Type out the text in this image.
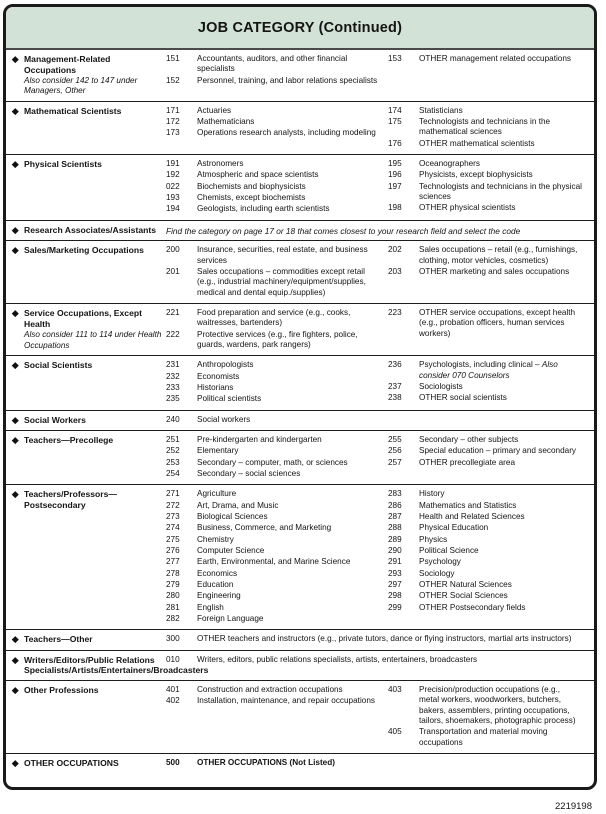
JOB CATEGORY (Continued)
Management-Related Occupations
Also consider 142 to 147 under Managers, Other
151	Accountants, auditors, and other financial specialists
152	Personnel, training, and labor relations specialists
153	OTHER management related occupations
Mathematical Scientists	171	Actuaries
172	Mathematicians
173	Operations research analysts, including modeling
174	Statisticians
175	Technologists and technicians in the mathematical sciences
176	OTHER mathematical scientists
Physical Scientists	191	Astronomers
192	Atmospheric and space scientists
022	Biochemists and biophysicists
193	Chemists, except biochemists
194	Geologists, including earth scientists
195	Oceanographers
196	Physicists, except biophysicists
197	Technologists and technicians in the physical sciences
198	OTHER physical scientists
Research Associates/Assistants	Find the category on page 17 or 18 that comes closest to your research field and select the code
Sales/Marketing Occupations	200	Insurance, securities, real estate, and business services
201	Sales occupations – commodities except retail (e.g., industrial machinery/equipment/supplies, medical and dental equip./supplies)
202	Sales occupations – retail (e.g., furnishings, clothing, motor vehicles, cosmetics)
203	OTHER marketing and sales occupations
Service Occupations, Except Health
Also consider 111 to 114 under Health Occupations
221	Food preparation and service (e.g., cooks, waitresses, bartenders)
222	Protective services (e.g., fire fighters, police, guards, wardens, park rangers)
223	OTHER service occupations, except health (e.g., probation officers, human services workers)
Social Scientists	231	Anthropologists
232	Economists
233	Historians
235	Political scientists
236	Psychologists, including clinical – Also consider 070 Counselors
237	Sociologists
238	OTHER social scientists
Social Workers	240	Social workers
Teachers—Precollege	251	Pre-kindergarten and kindergarten
252	Elementary
253	Secondary – computer, math, or sciences
254	Secondary – social sciences
255	Secondary – other subjects
256	Special education – primary and secondary
257	OTHER precollegiate area
Teachers/Professors—Postsecondary
271	Agriculture
272	Art, Drama, and Music
273	Biological Sciences
274	Business, Commerce, and Marketing
275	Chemistry
276	Computer Science
277	Earth, Environmental, and Marine Science
278	Economics
279	Education
280	Engineering
281	English
282	Foreign Language
283	History
286	Mathematics and Statistics
287	Health and Related Sciences
288	Physical Education
289	Physics
290	Political Science
291	Psychology
293	Sociology
297	OTHER Natural Sciences
298	OTHER Social Sciences
299	OTHER Postsecondary fields
Teachers—Other	300	OTHER teachers and instructors (e.g., private tutors, dance or flying instructors, martial arts instructors)
Writers/Editors/Public Relations Specialists/Artists/Entertainers/Broadcasters
010	Writers, editors, public relations specialists, artists, entertainers, broadcasters
Other Professions	401	Construction and extraction occupations
402	Installation, maintenance, and repair occupations
403	Precision/production occupations (e.g., metal workers, woodworkers, butchers, bakers, assemblers, printing occupations, tailors, shoemakers, photographic process)
405	Transportation and material moving occupations
OTHER OCCUPATIONS	500	OTHER OCCUPATIONS (Not Listed)
2219198
